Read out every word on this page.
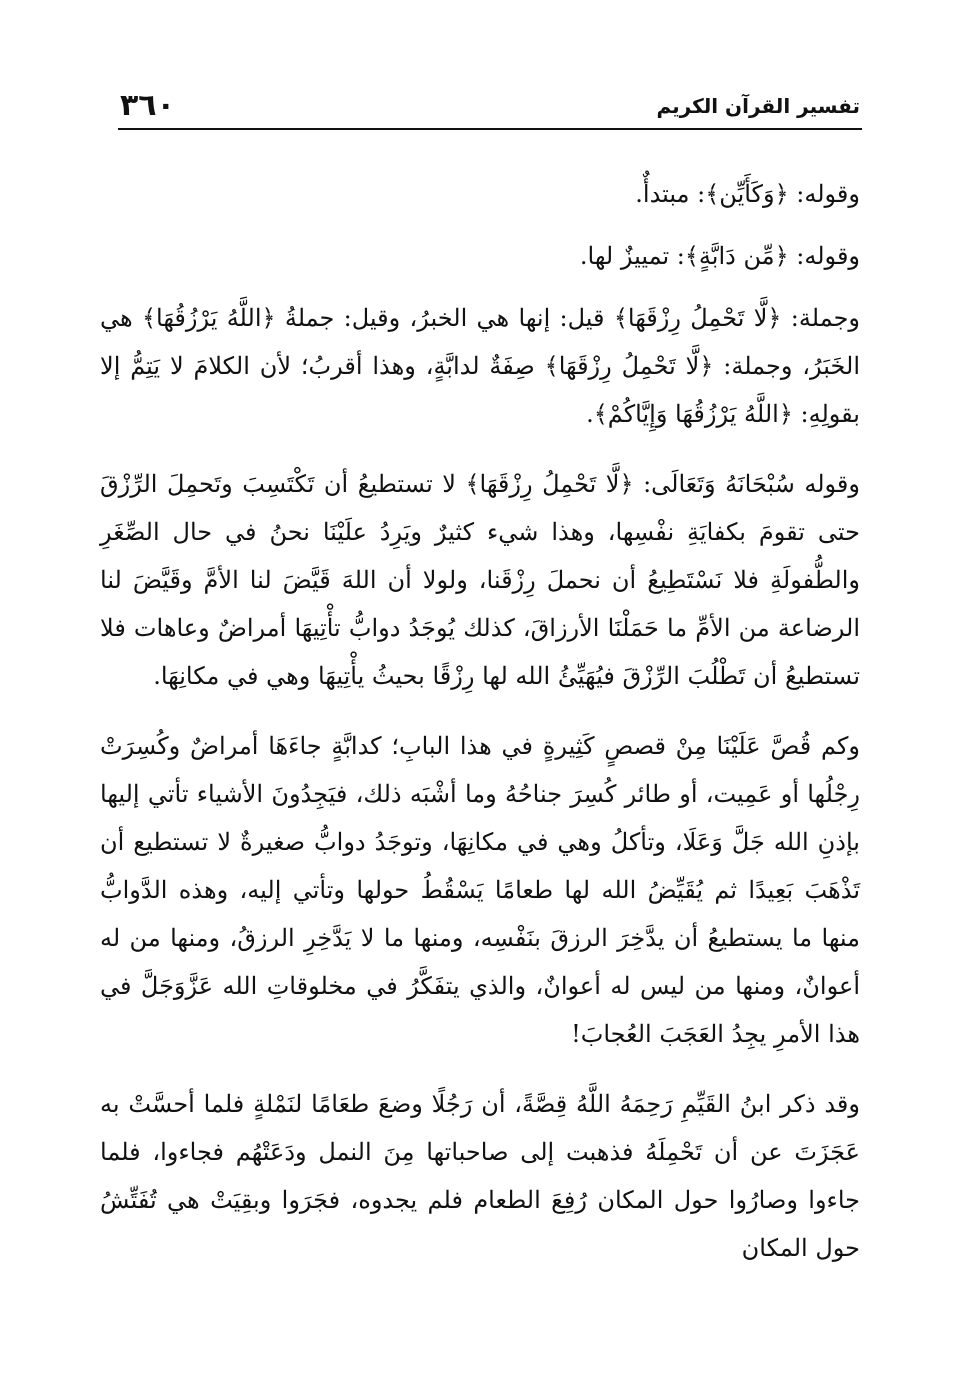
٣٦٠	تفسير القرآن الكريم

وقوله: ﴿وَكَأَيِّن﴾: مبتدأٌ.

وقوله: ﴿مِّن دَابَّةٍ﴾: تمييزٌ لها.

وجملة: ﴿لَّا تَحْمِلُ رِزْقَهَا﴾ قيل: إنها هي الخبرُ، وقيل: جملةُ ﴿اللَّهُ يَرْزُقُهَا﴾ هي الخَبَرُ، وجملة: ﴿لَّا تَحْمِلُ رِزْقَهَا﴾ صِفَةٌ لدابَّةٍ، وهذا أقربُ؛ لأن الكلامَ لا يَتِمُّ إلا بقولِهِ: ﴿اللَّهُ يَرْزُقُهَا وَإِيَّاكُمْ﴾.

وقوله سُبْحَانَهُ وَتَعَالَى: ﴿لَّا تَحْمِلُ رِزْقَهَا﴾ لا تستطيعُ أن تَكْتَسِبَ وتَحمِلَ الرِّزْقَ حتى تقومَ بكفايَةِ نفْسِها، وهذا شيء كثيرٌ ويَرِدُ علَيْنَا نحنُ في حال الصِّغَرِ والطُّفولَةِ فلا نَسْتَطِيعُ أن نحملَ رِزْقَنا، ولولا أن اللهَ قَيَّضَ لنا الأمَّ وقَيَّضَ لنا الرضاعة من الأمِّ ما حَمَلْنَا الأرزاقَ، كذلك يُوجَدُ دوابُّ تأْتِيهَا أمراضٌ وعاهات فلا تستطيعُ أن تَطْلُبَ الرِّزْقَ فيُهَيِّئُ الله لها رِزْقًا بحيثُ يأْتِيهَا وهي في مكانِهَا.

وكم قُصَّ عَلَيْنَا مِنْ قصصٍ كَثِيرةٍ في هذا البابِ؛ كدابَّةٍ جاءَهَا أمراضٌ وكُسِرَتْ رِجْلُها أو عَمِيت، أو طائر كُسِرَ جناحُهُ وما أشْبَه ذلك، فيَجِدُونَ الأشياء تأتي إليها بإذنِ الله جَلَّ وَعَلَا، وتأكلُ وهي في مكانِهَا، وتوجَدُ دوابُّ صغيرةٌ لا تستطيع أن تَذْهَبَ بَعِيدًا ثم يُقَيِّضُ الله لها طعامًا يَسْقُطُ حولها وتأتي إليه، وهذه الدَّوابُّ منها ما يستطيعُ أن يدَّخِرَ الرزقَ بنَفْسِه، ومنها ما لا يَدَّخِرِ الرزقُ، ومنها من له أعوانٌ، ومنها من ليس له أعوانٌ، والذي يتفَكَّرُ في مخلوقاتِ الله عَزَّوَجَلَّ في هذا الأمرِ يجِدُ العَجَبَ العُجابَ!

وقد ذكر ابنُ القَيِّمِ رَحِمَهُ اللَّهُ قِصَّةً، أن رَجُلًا وضعَ طعَامًا لنَمْلةٍ فلما أحسَّتْ به عَجَزَتَ عن أن تَحْمِلَهُ فذهبت إلى صاحباتها مِنَ النمل ودَعَتْهُم فجاءوا، فلما جاءوا وصارُوا حول المكان رُفِعَ الطعام فلم يجدوه، فجَرَوا وبقِيَتْ هي تُفَتِّشُ حول المكان
